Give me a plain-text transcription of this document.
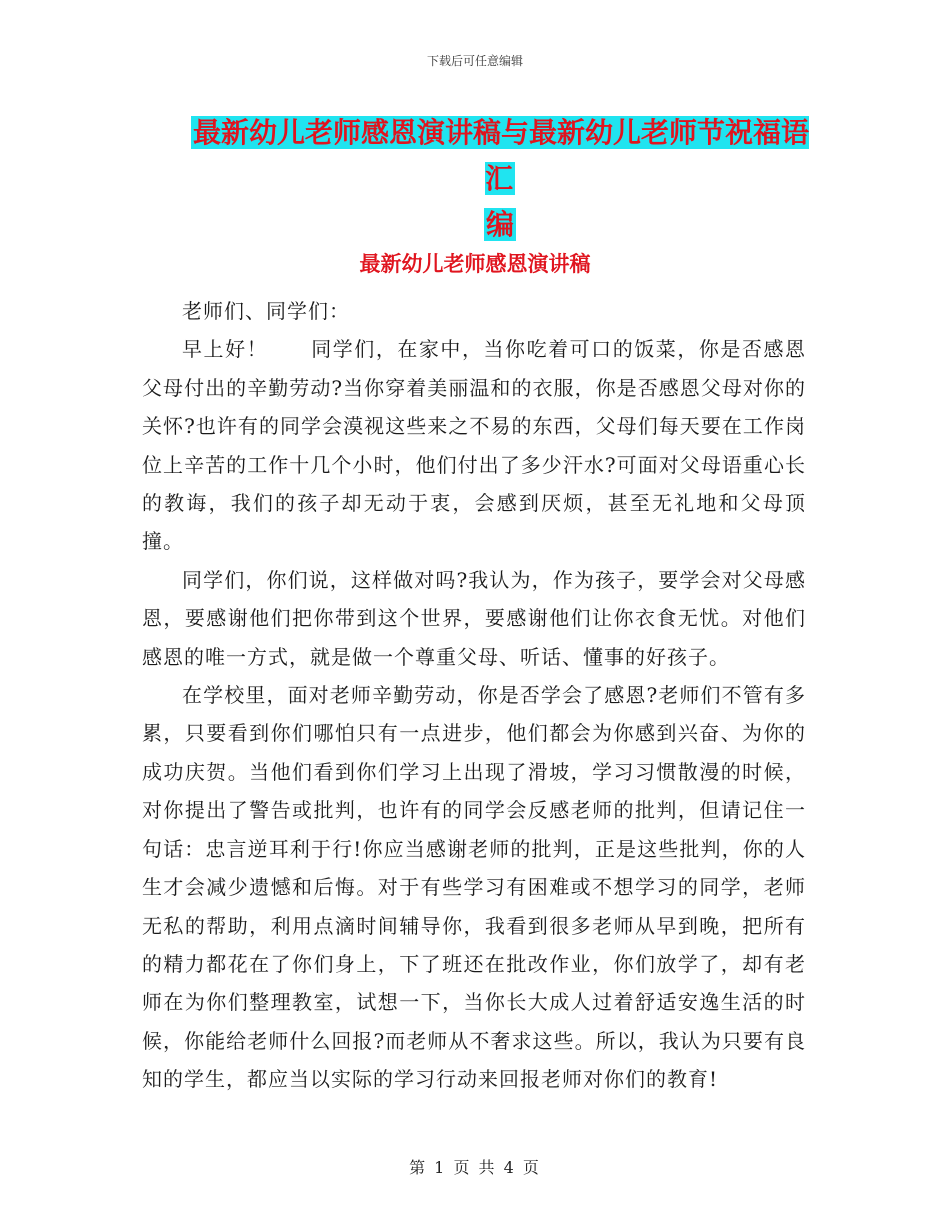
下载后可任意编辑
最新幼儿老师感恩演讲稿与最新幼儿老师节祝福语汇
编
最新幼儿老师感恩演讲稿

老师们、同学们：

早上好！　　同学们，在家中，当你吃着可口的饭菜，你是否感恩父母付出的辛勤劳动?当你穿着美丽温和的衣服，你是否感恩父母对你的关怀?也许有的同学会漠视这些来之不易的东西，父母们每天要在工作岗位上辛苦的工作十几个小时，他们付出了多少汗水?可面对父母语重心长的教诲，我们的孩子却无动于衷，会感到厌烦，甚至无礼地和父母顶撞。

同学们，你们说，这样做对吗?我认为，作为孩子，要学会对父母感恩，要感谢他们把你带到这个世界，要感谢他们让你衣食无忧。对他们感恩的唯一方式，就是做一个尊重父母、听话、懂事的好孩子。

在学校里，面对老师辛勤劳动，你是否学会了感恩?老师们不管有多累，只要看到你们哪怕只有一点进步，他们都会为你感到兴奋、为你的成功庆贺。当他们看到你们学习上出现了滑坡，学习习惯散漫的时候，对你提出了警告或批判，也许有的同学会反感老师的批判，但请记住一句话：忠言逆耳利于行!你应当感谢老师的批判，正是这些批判，你的人生才会减少遗憾和后悔。对于有些学习有困难或不想学习的同学，老师无私的帮助，利用点滴时间辅导你，我看到很多老师从早到晚，把所有的精力都花在了你们身上，下了班还在批改作业，你们放学了，却有老师在为你们整理教室，试想一下，当你长大成人过着舒适安逸生活的时候，你能给老师什么回报?而老师从不奢求这些。所以，我认为只要有良知的学生，都应当以实际的学习行动来回报老师对你们的教育!

第 1 页 共 4 页
